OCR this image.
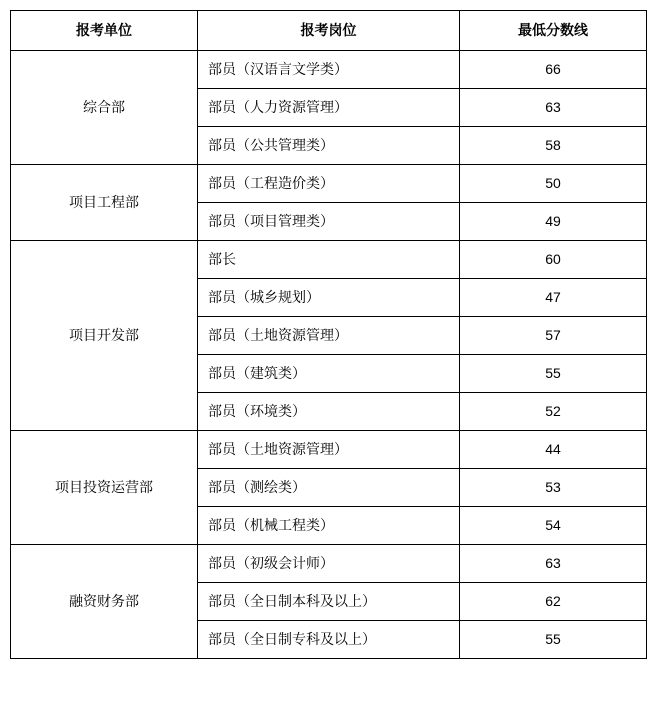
报考单位	报考岗位	最低分数线
综合部	部员（汉语言文学类）	66
	部员（人力资源管理）	63
	部员（公共管理类）	58
项目工程部	部员（工程造价类）	50
	部员（项目管理类）	49
项目开发部	部长	60
	部员（城乡规划）	47
	部员（土地资源管理）	57
	部员（建筑类）	55
	部员（环境类）	52
项目投资运营部	部员（土地资源管理）	44
	部员（测绘类）	53
	部员（机械工程类）	54
融资财务部	部员（初级会计师）	63
	部员（全日制本科及以上）	62
	部员（全日制专科及以上）	55
